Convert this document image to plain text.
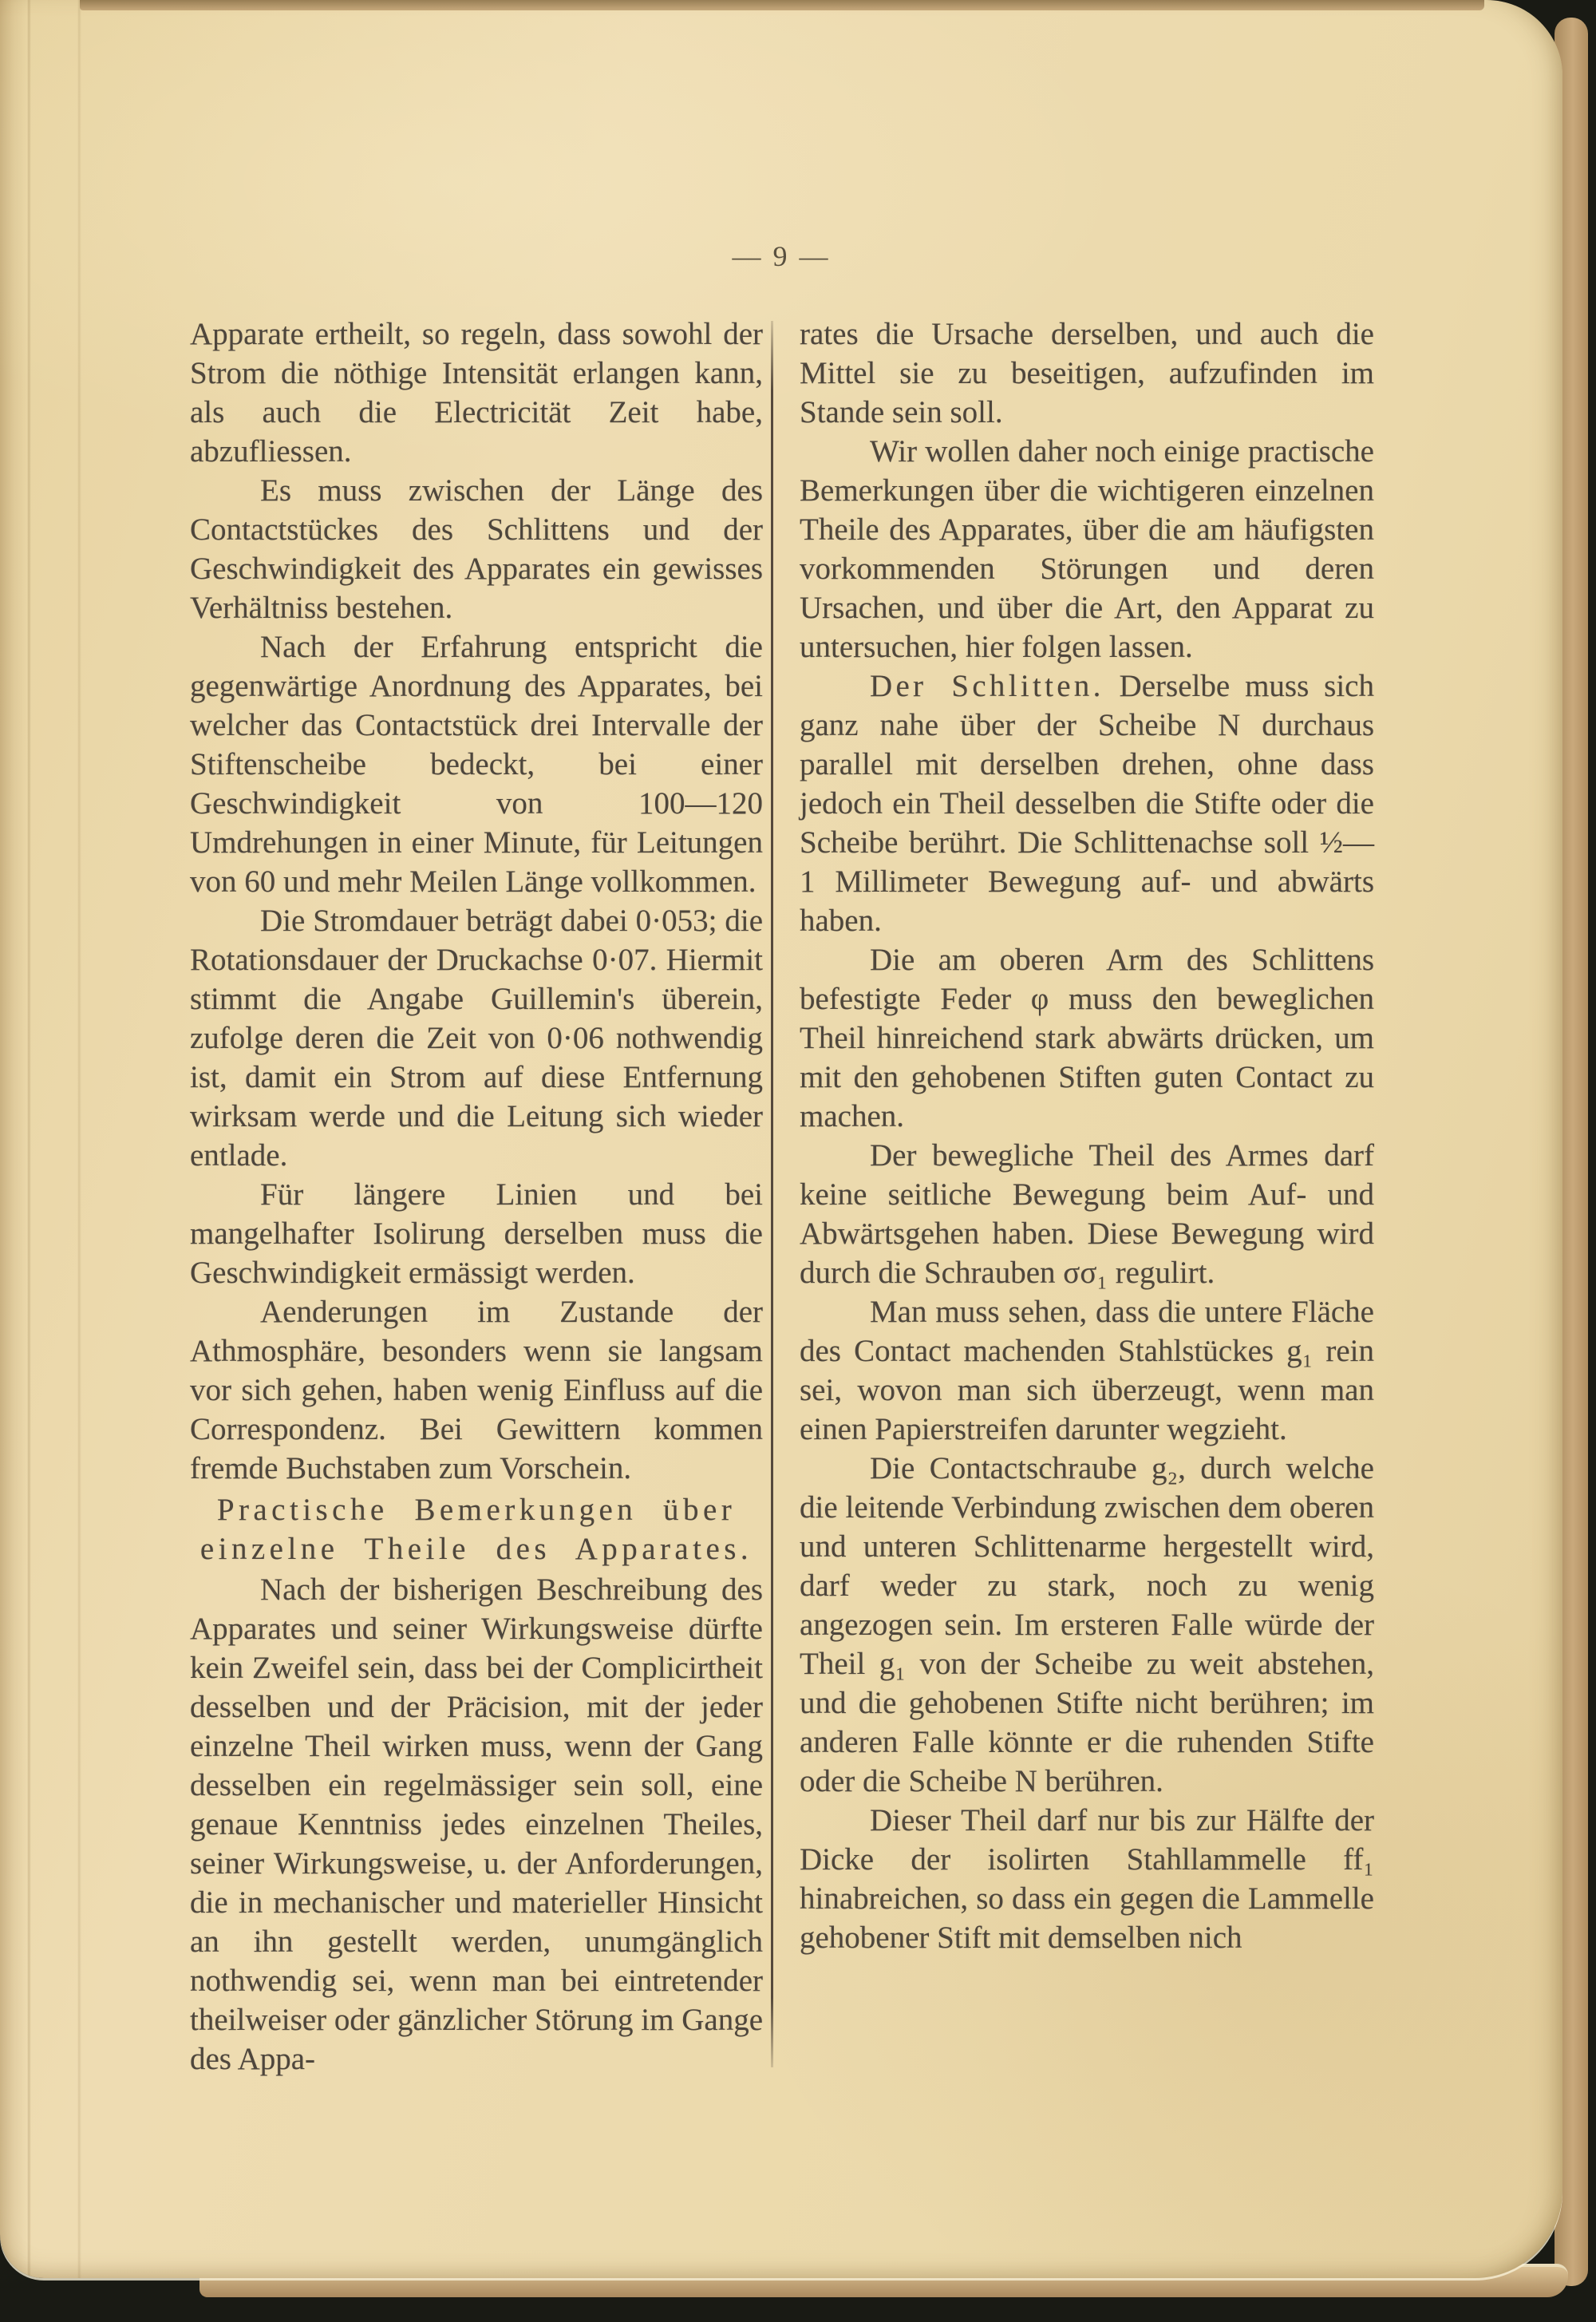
— 9 —

Apparate ertheilt, so regeln, dass sowohl der Strom die nöthige Intensität erlangen kann, als auch die Electricität Zeit habe, abzufliessen.

Es muss zwischen der Länge des Contactstückes des Schlittens und der Geschwindigkeit des Apparates ein gewisses Verhältniss bestehen.

Nach der Erfahrung entspricht die gegenwärtige Anordnung des Apparates, bei welcher das Contactstück drei Intervalle der Stiftenscheibe bedeckt, bei einer Geschwindigkeit von 100—120 Umdrehungen in einer Minute, für Leitungen von 60 und mehr Meilen Länge vollkommen.

Die Stromdauer beträgt dabei 0·053; die Rotationsdauer der Druckachse 0·07. Hiermit stimmt die Angabe Guillemin's überein, zufolge deren die Zeit von 0·06 nothwendig ist, damit ein Strom auf diese Entfernung wirksam werde und die Leitung sich wieder entlade.

Für längere Linien und bei mangelhafter Isolirung derselben muss die Geschwindigkeit ermässigt werden.

Aenderungen im Zustande der Athmosphäre, besonders wenn sie langsam vor sich gehen, haben wenig Einfluss auf die Correspondenz. Bei Gewittern kommen fremde Buchstaben zum Vorschein.

Practische Bemerkungen über
einzelne Theile des Apparates.

Nach der bisherigen Beschreibung des Apparates und seiner Wirkungsweise dürfte kein Zweifel sein, dass bei der Complicirtheit desselben und der Präcision, mit der jeder einzelne Theil wirken muss, wenn der Gang desselben ein regelmässiger sein soll, eine genaue Kenntniss jedes einzelnen Theiles, seiner Wirkungsweise, u. der Anforderungen, die in mechanischer und materieller Hinsicht an ihn gestellt werden, unumgänglich nothwendig sei, wenn man bei eintretender theilweiser oder gänzlicher Störung im Gange des Appa-

rates die Ursache derselben, und auch die Mittel sie zu beseitigen, aufzufinden im Stande sein soll.

Wir wollen daher noch einige practische Bemerkungen über die wichtigeren einzelnen Theile des Apparates, über die am häufigsten vorkommenden Störungen und deren Ursachen, und über die Art, den Apparat zu untersuchen, hier folgen lassen.

Der Schlitten. Derselbe muss sich ganz nahe über der Scheibe N durchaus parallel mit derselben drehen, ohne dass jedoch ein Theil desselben die Stifte oder die Scheibe berührt. Die Schlittenachse soll ½—1 Millimeter Bewegung auf- und abwärts haben.

Die am oberen Arm des Schlittens befestigte Feder φ muss den beweglichen Theil hinreichend stark abwärts drücken, um mit den gehobenen Stiften guten Contact zu machen.

Der bewegliche Theil des Armes darf keine seitliche Bewegung beim Auf- und Abwärtsgehen haben. Diese Bewegung wird durch die Schrauben σσ₁ regulirt.

Man muss sehen, dass die untere Fläche des Contact machenden Stahlstückes g₁ rein sei, wovon man sich überzeugt, wenn man einen Papierstreifen darunter wegzieht.

Die Contactschraube g₂, durch welche die leitende Verbindung zwischen dem oberen und unteren Schlittenarme hergestellt wird, darf weder zu stark, noch zu wenig angezogen sein. Im ersteren Falle würde der Theil g₁ von der Scheibe zu weit abstehen, und die gehobenen Stifte nicht berühren; im anderen Falle könnte er die ruhenden Stifte oder die Scheibe N berühren.

Dieser Theil darf nur bis zur Hälfte der Dicke der isolirten Stahllammelle ff₁ hinabreichen, so dass ein gegen die Lammelle gehobener Stift mit demselben nich
